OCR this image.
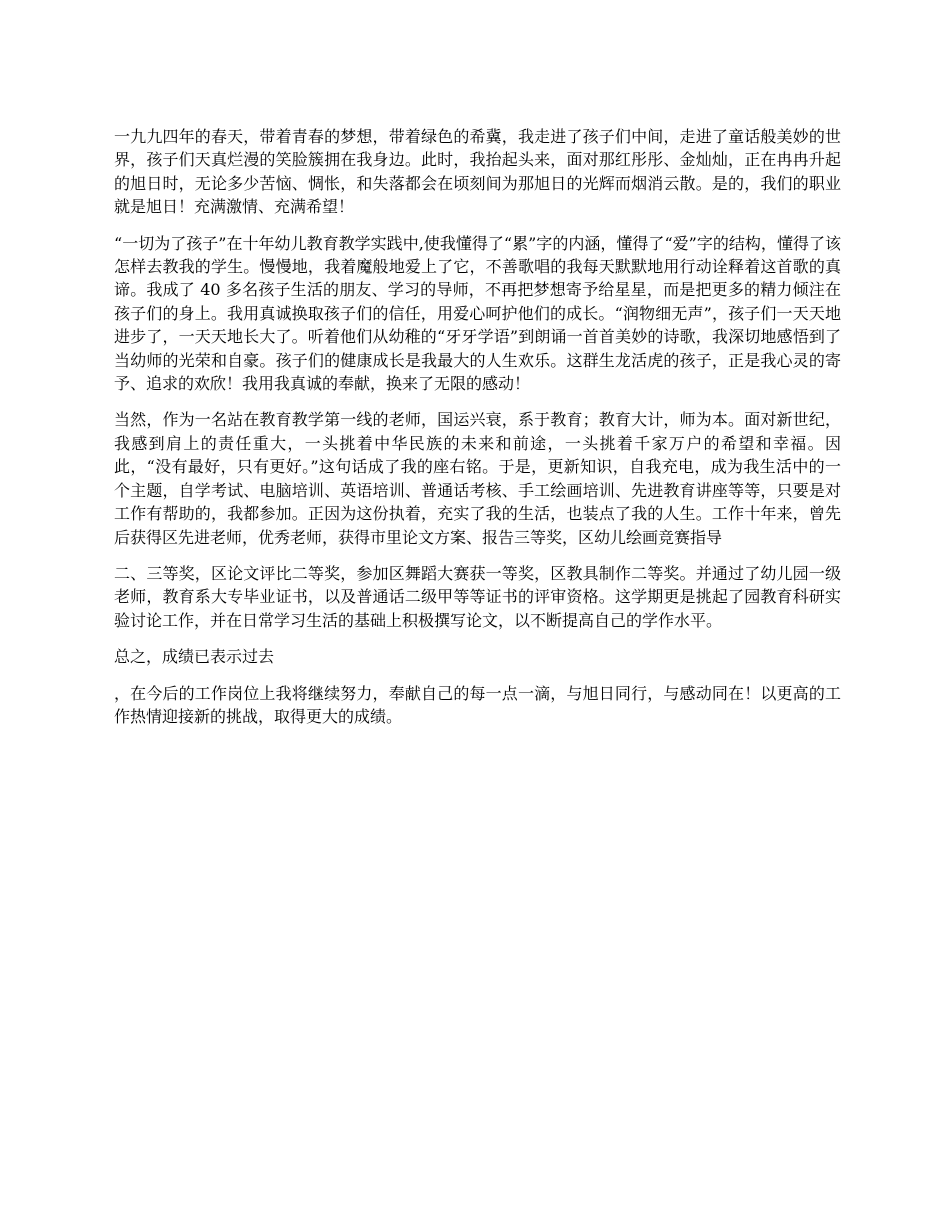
一九九四年的春天，带着青春的梦想，带着绿色的希冀，我走进了孩子们中间，走进了童话般美妙的世界，孩子们天真烂漫的笑脸簇拥在我身边。此时，我抬起头来，面对那红彤彤、金灿灿，正在冉冉升起的旭日时，无论多少苦恼、惆怅，和失落都会在顷刻间为那旭日的光辉而烟消云散。是的，我们的职业就是旭日！充满激情、充满希望！

“一切为了孩子”在十年幼儿教育教学实践中,使我懂得了“累”字的内涵，懂得了“爱”字的结构，懂得了该怎样去教我的学生。慢慢地，我着魔般地爱上了它，不善歌唱的我每天默默地用行动诠释着这首歌的真谛。我成了 40 多名孩子生活的朋友、学习的导师，不再把梦想寄予给星星，而是把更多的精力倾注在孩子们的身上。我用真诚换取孩子们的信任，用爱心呵护他们的成长。“润物细无声”，孩子们一天天地进步了，一天天地长大了。听着他们从幼稚的“牙牙学语”到朗诵一首首美妙的诗歌，我深切地感悟到了当幼师的光荣和自豪。孩子们的健康成长是我最大的人生欢乐。这群生龙活虎的孩子，正是我心灵的寄予、追求的欢欣！我用我真诚的奉献，换来了无限的感动！

当然，作为一名站在教育教学第一线的老师，国运兴衰，系于教育；教育大计，师为本。面对新世纪，我感到肩上的责任重大，一头挑着中华民族的未来和前途，一头挑着千家万户的希望和幸福。因此，“没有最好，只有更好。”这句话成了我的座右铭。于是，更新知识，自我充电，成为我生活中的一个主题，自学考试、电脑培训、英语培训、普通话考核、手工绘画培训、先进教育讲座等等，只要是对工作有帮助的，我都参加。正因为这份执着，充实了我的生活，也装点了我的人生。工作十年来，曾先后获得区先进老师，优秀老师，获得市里论文方案、报告三等奖，区幼儿绘画竞赛指导

二、三等奖，区论文评比二等奖，参加区舞蹈大赛获一等奖，区教具制作二等奖。并通过了幼儿园一级老师，教育系大专毕业证书，以及普通话二级甲等等证书的评审资格。这学期更是挑起了园教育科研实验讨论工作，并在日常学习生活的基础上积极撰写论文，以不断提高自己的学作水平。

总之，成绩已表示过去

，在今后的工作岗位上我将继续努力，奉献自己的每一点一滴，与旭日同行，与感动同在！以更高的工作热情迎接新的挑战，取得更大的成绩。
